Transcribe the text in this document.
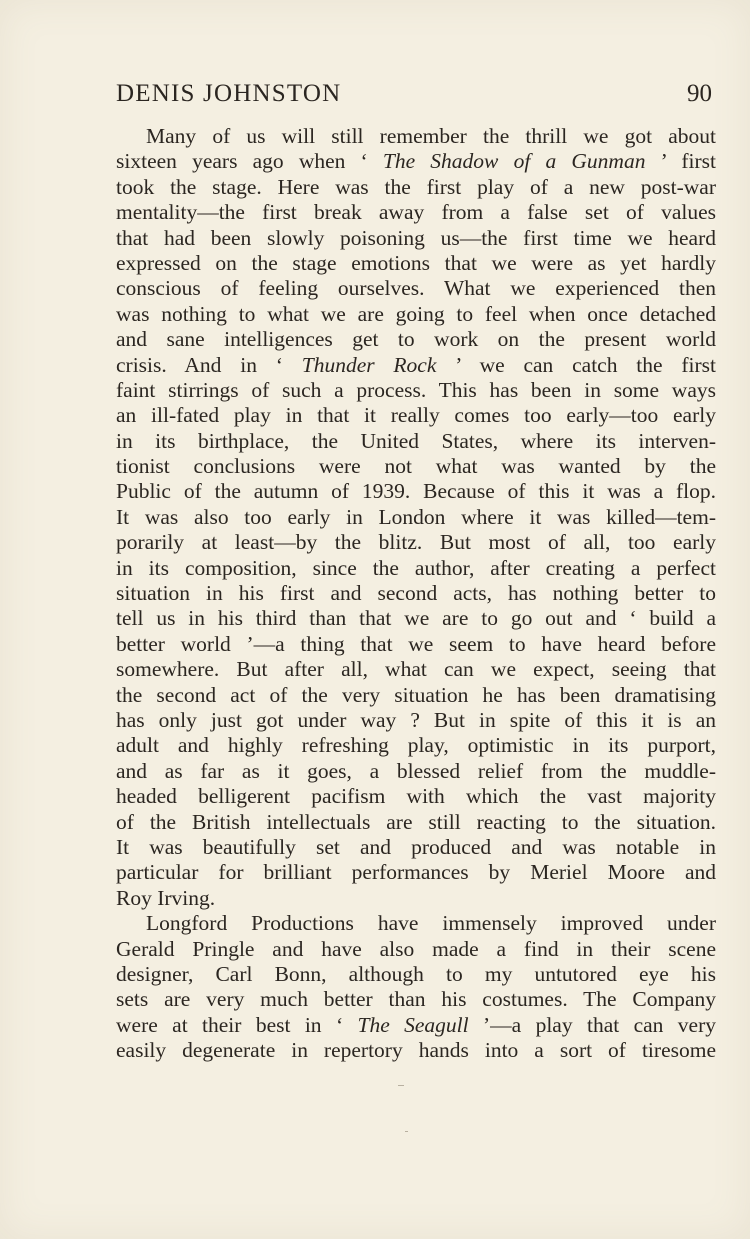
DENIS JOHNSTON	90
Many of us will still remember the thrill we got about
sixteen years ago when ‘ The Shadow of a Gunman ’ first
took the stage. Here was the first play of a new post-war
mentality—the first break away from a false set of values
that had been slowly poisoning us—the first time we heard
expressed on the stage emotions that we were as yet hardly
conscious of feeling ourselves. What we experienced then
was nothing to what we are going to feel when once detached
and sane intelligences get to work on the present world
crisis. And in ‘ Thunder Rock ’ we can catch the first
faint stirrings of such a process. This has been in some ways
an ill-fated play in that it really comes too early—too early
in its birthplace, the United States, where its interven-
tionist conclusions were not what was wanted by the
Public of the autumn of 1939. Because of this it was a flop.
It was also too early in London where it was killed—tem-
porarily at least—by the blitz. But most of all, too early
in its composition, since the author, after creating a perfect
situation in his first and second acts, has nothing better to
tell us in his third than that we are to go out and ‘ build a
better world ’—a thing that we seem to have heard before
somewhere. But after all, what can we expect, seeing that
the second act of the very situation he has been dramatising
has only just got under way ? But in spite of this it is an
adult and highly refreshing play, optimistic in its purport,
and as far as it goes, a blessed relief from the muddle-
headed belligerent pacifism with which the vast majority
of the British intellectuals are still reacting to the situation.
It was beautifully set and produced and was notable in
particular for brilliant performances by Meriel Moore and
Roy Irving.
Longford Productions have immensely improved under
Gerald Pringle and have also made a find in their scene
designer, Carl Bonn, although to my untutored eye his
sets are very much better than his costumes. The Company
were at their best in ‘ The Seagull ’—a play that can very
easily degenerate in repertory hands into a sort of tiresome
